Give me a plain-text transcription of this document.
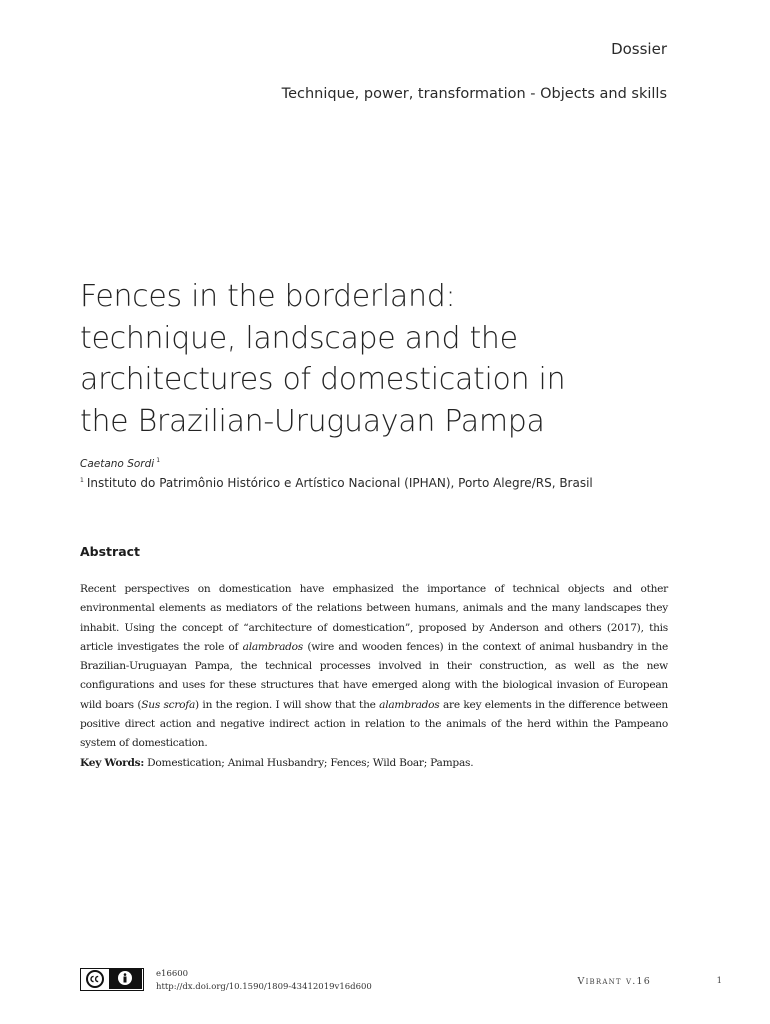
Dossier
Technique, power, transformation - Objects and skills
Fences in the borderland:
technique, landscape and the
architectures of domestication in
the Brazilian-Uruguayan Pampa
Caetano Sordi $^1$
$^1$ Instituto do Patrimônio Histórico e Artístico Nacional (IPHAN), Porto Alegre/RS, Brasil
Abstract

Recent perspectives on domestication have emphasized the importance of technical objects and other environmental elements as mediators of the relations between humans, animals and the many landscapes they inhabit. Using the concept of “architecture of domestication”, proposed by Anderson and others (2017), this article investigates the role of alambrados (wire and wooden fences) in the context of animal husbandry in the Brazilian-Uruguayan Pampa, the technical processes involved in their construction, as well as the new configurations and uses for these structures that have emerged along with the biological invasion of European wild boars (Sus scrofa) in the region. I will show that the alambrados are key elements in the difference between positive direct action and negative indirect action in relation to the animals of the herd within the Pampeano system of domestication.

Key Words: Domestication; Animal Husbandry; Fences; Wild Boar; Pampas.

e16600
http://dx.doi.org/10.1590/1809-43412019v16d600	Vibrant v.16	1
